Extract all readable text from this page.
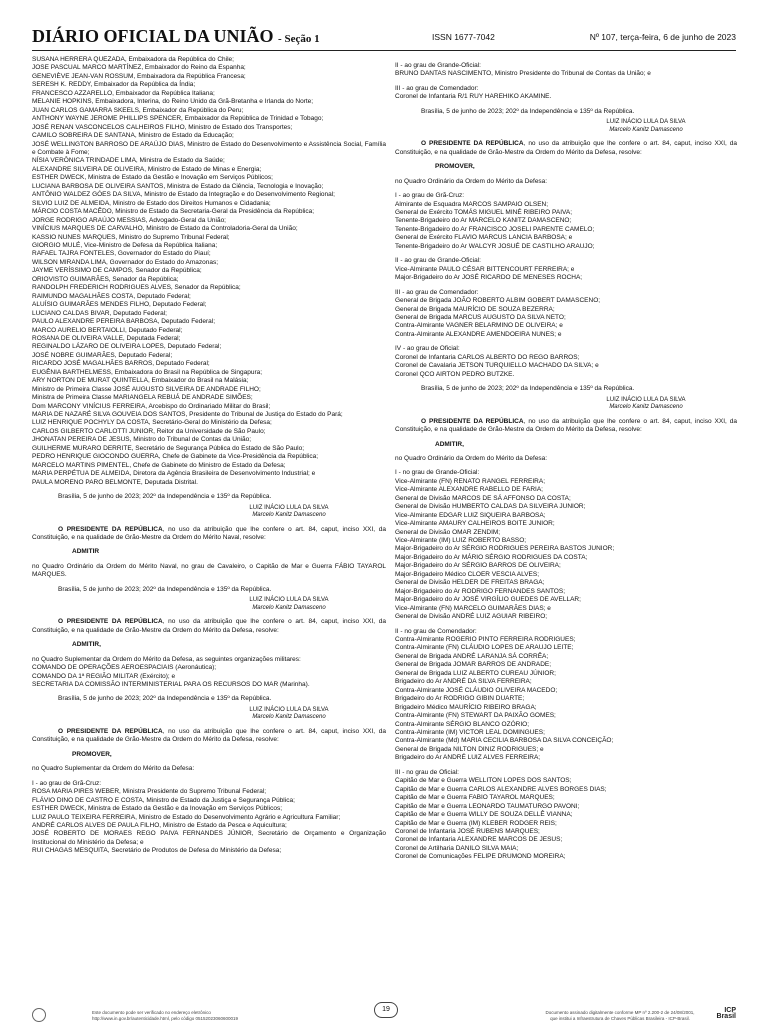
DIÁRIO OFICIAL DA UNIÃO - Seção 1	ISSN 1677-7042	Nº 107, terça-feira, 6 de junho de 2023
SUSANA HERRERA QUEZADA, Embaixadora da República do Chile;
JOSE PASCUAL MARCO MARTÍNEZ, Embaixador do Reino da Espanha;
GENEVIÈVE JEAN-VAN ROSSUM, Embaixadora da República Francesa;
SERESH K. REDDY, Embaixador da República da Índia;
FRANCESCO AZZARELLO, Embaixador da República Italiana;
MELANIE HOPKINS, Embaixadora, Interina, do Reino Unido da Grã-Bretanha e Irlanda do Norte;
JUAN CARLOS GAMARRA SKEELS, Embaixador da República do Peru;
ANTHONY WAYNE JEROME PHILLIPS SPENCER, Embaixador da República de Trinidad e Tobago;
JOSÉ RENAN VASCONCELOS CALHEIROS FILHO, Ministro de Estado dos Transportes;
CAMILO SOBREIRA DE SANTANA, Ministro de Estado da Educação;
JOSÉ WELLINGTON BARROSO DE ARAÚJO DIAS, Ministro de Estado do Desenvolvimento e Assistência Social, Família e Combate à Fome;
NÍSIA VERÔNICA TRINDADE LIMA, Ministra de Estado da Saúde;
ALEXANDRE SILVEIRA DE OLIVEIRA, Ministro de Estado de Minas e Energia;
ESTHER DWECK, Ministra de Estado da Gestão e Inovação em Serviços Públicos;
LUCIANA BARBOSA DE OLIVEIRA SANTOS, Ministra de Estado da Ciência, Tecnologia e Inovação;
ANTÔNIO WALDEZ GÓES DA SILVA, Ministro de Estado da Integração e do Desenvolvimento Regional;
SILVIO LUIZ DE ALMEIDA, Ministro de Estado dos Direitos Humanos e Cidadania;
MÁRCIO COSTA MACÊDO, Ministro de Estado da Secretaria-Geral da Presidência da República;
JORGE RODRIGO ARAÚJO MESSIAS, Advogado-Geral da União;
VINÍCIUS MARQUES DE CARVALHO, Ministro de Estado da Controladoria-Geral da União;
KASSIO NUNES MARQUES, Ministro do Supremo Tribunal Federal;
GIORGIO MULÉ, Vice-Ministro de Defesa da República Italiana;
RAFAEL TAJRA FONTELES, Governador do Estado do Piauí;
WILSON MIRANDA LIMA, Governador do Estado do Amazonas;
JAYME VERÍSSIMO DE CAMPOS, Senador da República;
ORIOVISTO GUIMARÃES, Senador da República;
RANDOLPH FREDERICH RODRIGUES ALVES, Senador da República;
RAIMUNDO MAGALHÃES COSTA, Deputado Federal;
ALUÍSIO GUIMARÃES MENDES FILHO, Deputado Federal;
LUCIANO CALDAS BIVAR, Deputado Federal;
PAULO ALEXANDRE PEREIRA BARBOSA, Deputado Federal;
MARCO AURELIO BERTAIOLLI, Deputado Federal;
ROSANA DE OLIVEIRA VALLE, Deputada Federal;
REGINALDO LÁZARO DE OLIVEIRA LOPES, Deputado Federal;
JOSÉ NOBRE GUIMARÃES, Deputado Federal;
RICARDO JOSÉ MAGALHÃES BARROS, Deputado Federal;
EUGÊNIA BARTHELMESS, Embaixadora do Brasil na República de Singapura;
ARY NORTON DE MURAT QUINTELLA, Embaixador do Brasil na Malásia;
Ministro de Primeira Classe JOSÉ AUGUSTO SILVEIRA DE ANDRADE FILHO;
Ministra de Primeira Classe MARIANGELA REBUÁ DE ANDRADE SIMÕES;
Dom MARCONY VINÍCIUS FERREIRA, Arcebispo do Ordinariado Militar do Brasil;
MARIA DE NAZARÉ SILVA GOUVEIA DOS SANTOS, Presidente do Tribunal de Justiça do Estado do Pará;
LUIZ HENRIQUE POCHYLY DA COSTA, Secretário-Geral do Ministério da Defesa;
CARLOS GILBERTO CARLOTTI JUNIOR, Reitor da Universidade de São Paulo;
JHONATAN PEREIRA DE JESUS, Ministro do Tribunal de Contas da União;
GUILHERME MURARO DERRITE, Secretário de Segurança Pública do Estado de São Paulo;
PEDRO HENRIQUE GIOCONDO GUERRA, Chefe de Gabinete da Vice-Presidência da República;
MARCELO MARTINS PIMENTEL, Chefe de Gabinete do Ministro de Estado da Defesa;
MARIA PERPÉTUA DE ALMEIDA, Diretora da Agência Brasileira de Desenvolvimento Industrial; e
PAULA MORENO PARO BELMONTE, Deputada Distrital.
Brasília, 5 de junho de 2023; 202º da Independência e 135º da República.
LUIZ INÁCIO LULA DA SILVA
Marcelo Kanitz Damasceno
O PRESIDENTE DA REPÚBLICA, no uso da atribuição que lhe confere o art. 84, caput, inciso XXI, da Constituição, e na qualidade de Grão-Mestre da Ordem do Mérito Naval, resolve:
ADMITIR
no Quadro Ordinário da Ordem do Mérito Naval, no grau de Cavaleiro, o Capitão de Mar e Guerra FÁBIO TAYAROL MARQUES.
Brasília, 5 de junho de 2023; 202º da Independência e 135º da República.
LUIZ INÁCIO LULA DA SILVA
Marcelo Kanitz Damasceno
O PRESIDENTE DA REPÚBLICA, no uso da atribuição que lhe confere o art. 84, caput, inciso XXI, da Constituição, e na qualidade de Grão-Mestre da Ordem do Mérito da Defesa, resolve:
ADMITIR,
no Quadro Suplementar da Ordem do Mérito da Defesa, as seguintes organizações militares:
COMANDO DE OPERAÇÕES AEROESPACIAIS (Aeronáutica);
COMANDO DA 1ª REGIÃO MILITAR (Exército); e
SECRETARIA DA COMISSÃO INTERMINISTERIAL PARA OS RECURSOS DO MAR (Marinha).
Brasília, 5 de junho de 2023; 202º da Independência e 135º da República.
LUIZ INÁCIO LULA DA SILVA
Marcelo Kanitz Damasceno
O PRESIDENTE DA REPÚBLICA, no uso da atribuição que lhe confere o art. 84, caput, inciso XXI, da Constituição, e na qualidade de Grão-Mestre da Ordem do Mérito da Defesa, resolve:
PROMOVER,
no Quadro Suplementar da Ordem do Mérito da Defesa:
I - ao grau de Grã-Cruz:
ROSA MARIA PIRES WEBER, Ministra Presidente do Supremo Tribunal Federal;
FLÁVIO DINO DE CASTRO E COSTA, Ministro de Estado da Justiça e Segurança Pública;
ESTHER DWECK, Ministra de Estado da Gestão e da Inovação em Serviços Públicos;
LUIZ PAULO TEIXEIRA FERREIRA, Ministro de Estado do Desenvolvimento Agrário e Agricultura Familiar;
ANDRÉ CARLOS ALVES DE PAULA FILHO, Ministro de Estado da Pesca e Aquicultura;
JOSÉ ROBERTO DE MORAES REGO PAIVA FERNANDES JÚNIOR, Secretário de Orçamento e Organização Institucional do Ministério da Defesa; e
RUI CHAGAS MESQUITA, Secretário de Produtos de Defesa do Ministério da Defesa;
II - ao grau de Grande-Oficial:
BRUNO DANTAS NASCIMENTO, Ministro Presidente do Tribunal de Contas da União; e
III - ao grau de Comendador:
Coronel de Infantaria R/1 RUY HAREHIKO AKAMINE.
Brasília, 5 de junho de 2023; 202º da Independência e 135º da República.
LUIZ INÁCIO LULA DA SILVA
Marcelo Kanitz Damasceno
O PRESIDENTE DA REPÚBLICA, no uso da atribuição que lhe confere o art. 84, caput, inciso XXI, da Constituição, e na qualidade de Grão-Mestre da Ordem do Mérito da Defesa, resolve:
PROMOVER,
no Quadro Ordinário da Ordem do Mérito da Defesa:
I - ao grau de Grã-Cruz:
Almirante de Esquadra MARCOS SAMPAIO OLSEN;
General de Exército TOMÁS MIGUEL MINÉ RIBEIRO PAIVA;
Tenente-Brigadeiro do Ar MARCELO KANITZ DAMASCENO;
Tenente-Brigadeiro do Ar FRANCISCO JOSELI PARENTE CAMELO;
General de Exército FLAVIO MARCUS LANCIA BARBOSA; e
Tenente-Brigadeiro do Ar WALCYR JOSUÉ DE CASTILHO ARAUJO;
II - ao grau de Grande-Oficial:
Vice-Almirante PAULO CÉSAR BITTENCOURT FERREIRA; e
Major-Brigadeiro do Ar JOSÉ RICARDO DE MENESES ROCHA;
III - ao grau de Comendador:
General de Brigada JOÃO ROBERTO ALBIM GOBERT DAMASCENO;
General de Brigada MAURÍCIO DE SOUZA BEZERRA;
General de Brigada MARCUS AUGUSTO DA SILVA NETO;
Contra-Almirante VAGNER BELARMINO DE OLIVEIRA; e
Contra-Almirante ALEXANDRE AMENDOEIRA NUNES; e
IV - ao grau de Oficial:
Coronel de Infantaria CARLOS ALBERTO DO REGO BARROS;
Coronel de Cavalaria JETSON TURQUIELLO MACHADO DA SILVA; e
Coronel QCO AIRTON PEDRO BUTZKE.
Brasília, 5 de junho de 2023; 202º da Independência e 135º da República.
LUIZ INÁCIO LULA DA SILVA
Marcelo Kanitz Damasceno
O PRESIDENTE DA REPÚBLICA, no uso da atribuição que lhe confere o art. 84, caput, inciso XXI, da Constituição, e na qualidade de Grão-Mestre da Ordem do Mérito da Defesa, resolve:
ADMITIR,
no Quadro Ordinário da Ordem do Mérito da Defesa:
I - no grau de Grande-Oficial:
Vice-Almirante (FN) RENATO RANGEL FERREIRA;
Vice-Almirante ALEXANDRE RABELLO DE FARIA;
General de Divisão MARCOS DE SÁ AFFONSO DA COSTA;
General de Divisão HUMBERTO CALDAS DA SILVEIRA JUNIOR;
Vice-Almirante EDGAR LUIZ SIQUEIRA BARBOSA;
Vice-Almirante AMAURY CALHEIROS BOITE JUNIOR;
General de Divisão OMAR ZENDIM;
Vice-Almirante (IM) LUIZ ROBERTO BASSO;
Major-Brigadeiro do Ar SÉRGIO RODRIGUES PEREIRA BASTOS JUNIOR;
Major-Brigadeiro do Ar MÁRIO SÉRGIO RODRIGUES DA COSTA;
Major-Brigadeiro do Ar SÉRGIO BARROS DE OLIVEIRA;
Major-Brigadeiro Médico CLOER VESCIA ALVES;
General de Divisão HELDER DE FREITAS BRAGA;
Major-Brigadeiro do Ar RODRIGO FERNANDES SANTOS;
Major-Brigadeiro do Ar JOSÉ VIRGÍLIO GUEDES DE AVELLAR;
Vice-Almirante (FN) MARCELO GUIMARÃES DIAS; e
General de Divisão ANDRÉ LUIZ AGUIAR RIBEIRO;
II - no grau de Comendador:
Contra-Almirante ROGERIO PINTO FERREIRA RODRIGUES;
Contra-Almirante (FN) CLÁUDIO LOPES DE ARAUJO LEITE;
General de Brigada ANDRÉ LARANJA SÁ CORRÊA;
General de Brigada JOMAR BARROS DE ANDRADE;
General de Brigada LUIZ ALBERTO CUREAU JÚNIOR;
Brigadeiro do Ar ANDRÉ DA SILVA FERREIRA;
Contra-Almirante JOSÉ CLÁUDIO OLIVEIRA MACEDO;
Brigadeiro do Ar RODRIGO GIBIN DUARTE;
Brigadeiro Médico MAURÍCIO RIBEIRO BRAGA;
Contra-Almirante (FN) STEWART DA PAIXÃO GOMES;
Contra-Almirante SÉRGIO BLANCO OZÓRIO;
Contra-Almirante (IM) VICTOR LEAL DOMINGUES;
Contra-Almirante (Md) MARIA CECILIA BARBOSA DA SILVA CONCEIÇÃO;
General de Brigada NILTON DINIZ RODRIGUES; e
Brigadeiro do Ar ANDRÉ LUIZ ALVES FERREIRA;
III - no grau de Oficial:
Capitão de Mar e Guerra WELLITON LOPES DOS SANTOS;
Capitão de Mar e Guerra CARLOS ALEXANDRE ALVES BORGES DIAS;
Capitão de Mar e Guerra FABIO TAYAROL MARQUES;
Capitão de Mar e Guerra LEONARDO TAUMATURGO PAVONI;
Capitão de Mar e Guerra WILLY DE SOUZA DELLÊ VIANNA;
Capitão de Mar e Guerra (IM) KLEBER RODGER REIS;
Coronel de Infantaria JOSÉ RUBENS MARQUES;
Coronel de Infantaria ALEXANDRE MARCOS DE JESUS;
Coronel de Artilharia DANILO SILVA MAIA;
Coronel de Comunicações FELIPE DRUMOND MOREIRA;
Este documento pode ser verificado no endereço eletrônico
http://www.in.gov.br/autenticidade.html, pelo código 05152023060600019
19	Documento assinado digitalmente conforme MP nº 2.200-2 de 24/08/2001,
que institui a Infraestrutura de Chaves Públicas Brasileira - ICP-Brasil.
ICP
Brasil
